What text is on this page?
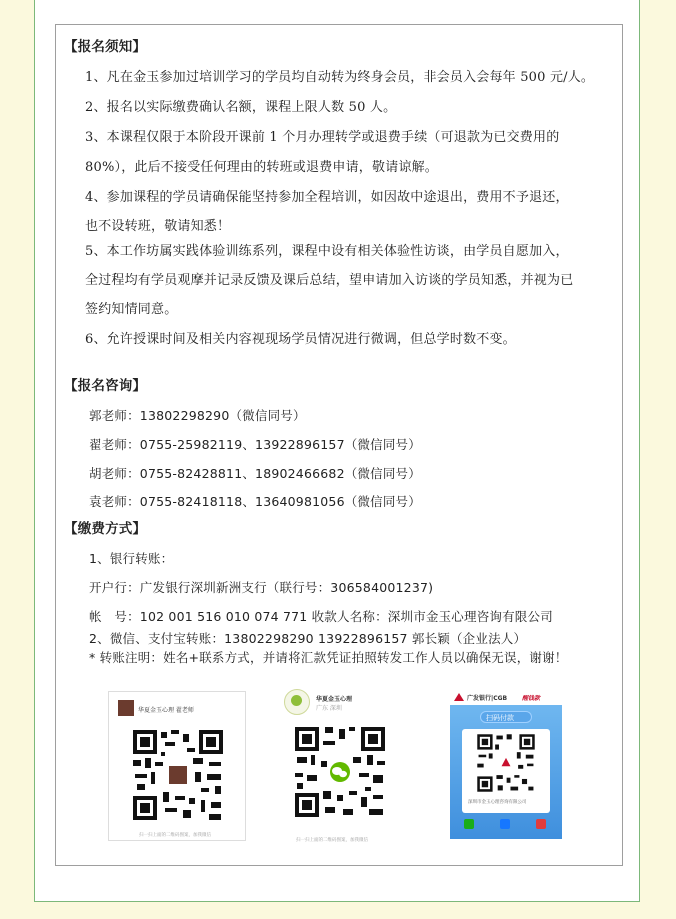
【报名须知】
1、凡在金玉参加过培训学习的学员均自动转为终身会员，非会员入会每年 500 元/人。
2、报名以实际缴费确认名额，课程上限人数 50 人。
3、本课程仅限于本阶段开课前 1 个月办理转学或退费手续（可退款为已交费用的
80%），此后不接受任何理由的转班或退费申请，敬请谅解。
4、参加课程的学员请确保能坚持参加全程培训，如因故中途退出，费用不予退还，
也不设转班，敬请知悉！
5、本工作坊属实践体验训练系列，课程中设有相关体验性访谈，由学员自愿加入，
全过程均有学员观摩并记录反馈及课后总结，望申请加入访谈的学员知悉，并视为已
签约知情同意。
6、允许授课时间及相关内容视现场学员情况进行微调，但总学时数不变。
【报名咨询】
郭老师：13802298290（微信同号）
翟老师：0755-25982119、13922896157（微信同号）
胡老师：0755-82428811、18902466682（微信同号）
袁老师：0755-82418118、13640981056（微信同号）
【缴费方式】
1、银行转账：
开户行：广发银行深圳新洲支行（联行号：306584001237)
帐　号：102 001 516 010 074 771 收款人名称：深圳市金玉心理咨询有限公司
2、微信、支付宝转账：13802298290 13922896157 郭长颖（企业法人）
* 转账注明：姓名+联系方式，并请将汇款凭证拍照转发工作人员以确保无误，谢谢！
华夏金玉心理 翟老师
扫一扫上面的二维码图案，加我微信
华夏金玉心理
广东 深圳
扫一扫上面的二维码图案，加我微信
广发银行|CGB 醒钱款
扫码付款
深圳市金玉心理咨询有限公司
